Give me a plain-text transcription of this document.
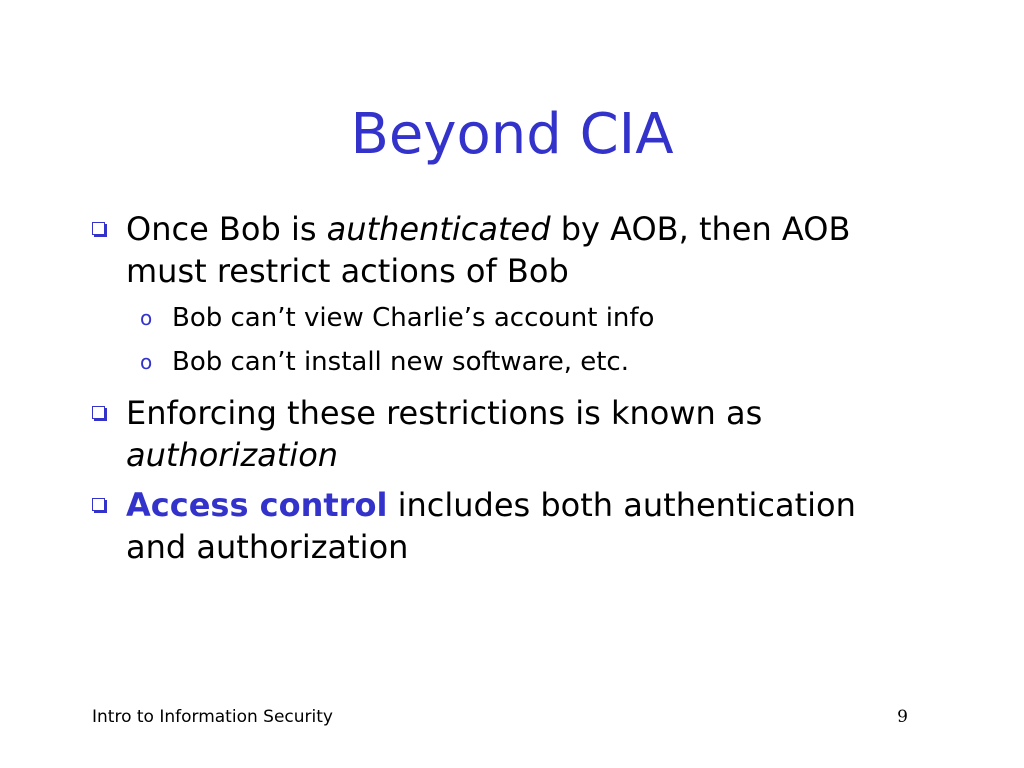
Beyond CIA
Once Bob is authenticated by AOB, then AOB must restrict actions of Bob
o Bob can’t view Charlie’s account info
o Bob can’t install new software, etc.
Enforcing these restrictions is known as authorization
Access control includes both authentication and authorization
Intro to Information Security	9
